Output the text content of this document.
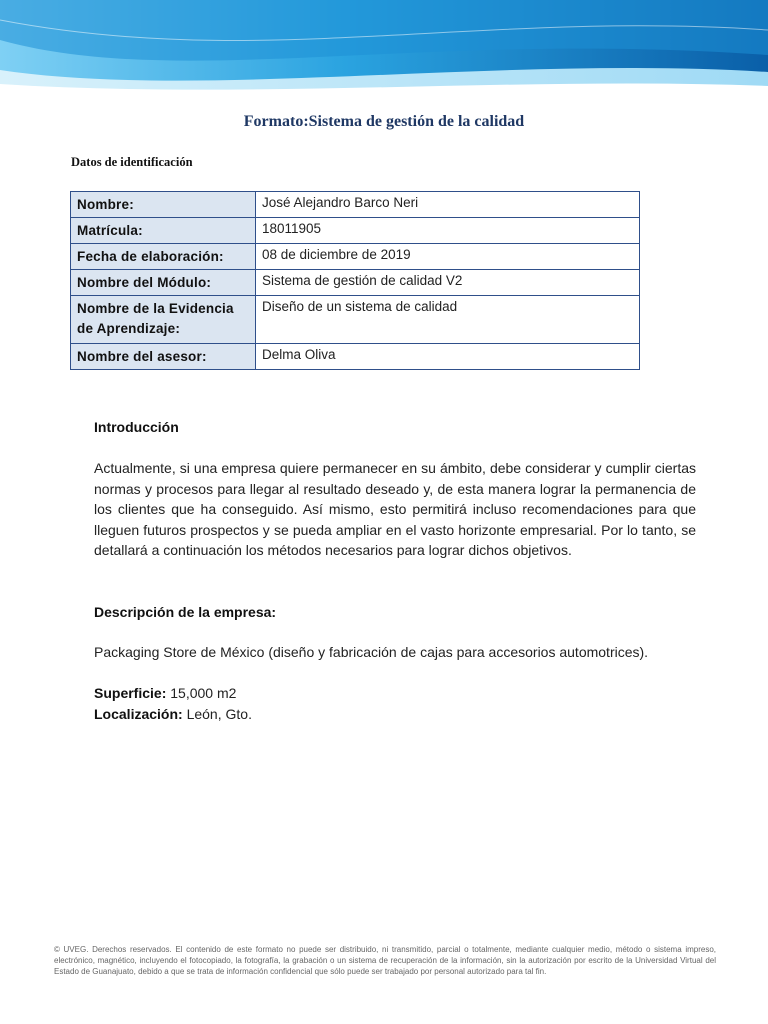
Formato:Sistema de gestión de la calidad
Datos de identificación
Nombre:	José Alejandro Barco Neri
Matrícula:	18011905
Fecha de elaboración:	08 de diciembre de 2019
Nombre del Módulo:	Sistema de gestión de calidad V2
Nombre de la Evidencia de Aprendizaje:	Diseño de un sistema de calidad
Nombre del asesor:	Delma Oliva
Introducción
Actualmente, si una empresa quiere permanecer en su ámbito, debe considerar y cumplir ciertas normas y procesos para llegar al resultado deseado y, de esta manera lograr la permanencia de los clientes que ha conseguido. Así mismo, esto permitirá incluso recomendaciones para que lleguen futuros prospectos y se pueda ampliar en el vasto horizonte empresarial. Por lo tanto, se detallará a continuación los métodos necesarios para lograr dichos objetivos.
Descripción de la empresa:
Packaging Store de México (diseño y fabricación de cajas para accesorios automotrices).
Superficie: 15,000 m2
Localización: León, Gto.
© UVEG. Derechos reservados. El contenido de este formato no puede ser distribuido, ni transmitido, parcial o totalmente, mediante cualquier medio, método o sistema impreso, electrónico, magnético, incluyendo el fotocopiado, la fotografía, la grabación o un sistema de recuperación de la información, sin la autorización por escrito de la Universidad Virtual del Estado de Guanajuato, debido a que se trata de información confidencial que sólo puede ser trabajado por personal autorizado para tal fin.
